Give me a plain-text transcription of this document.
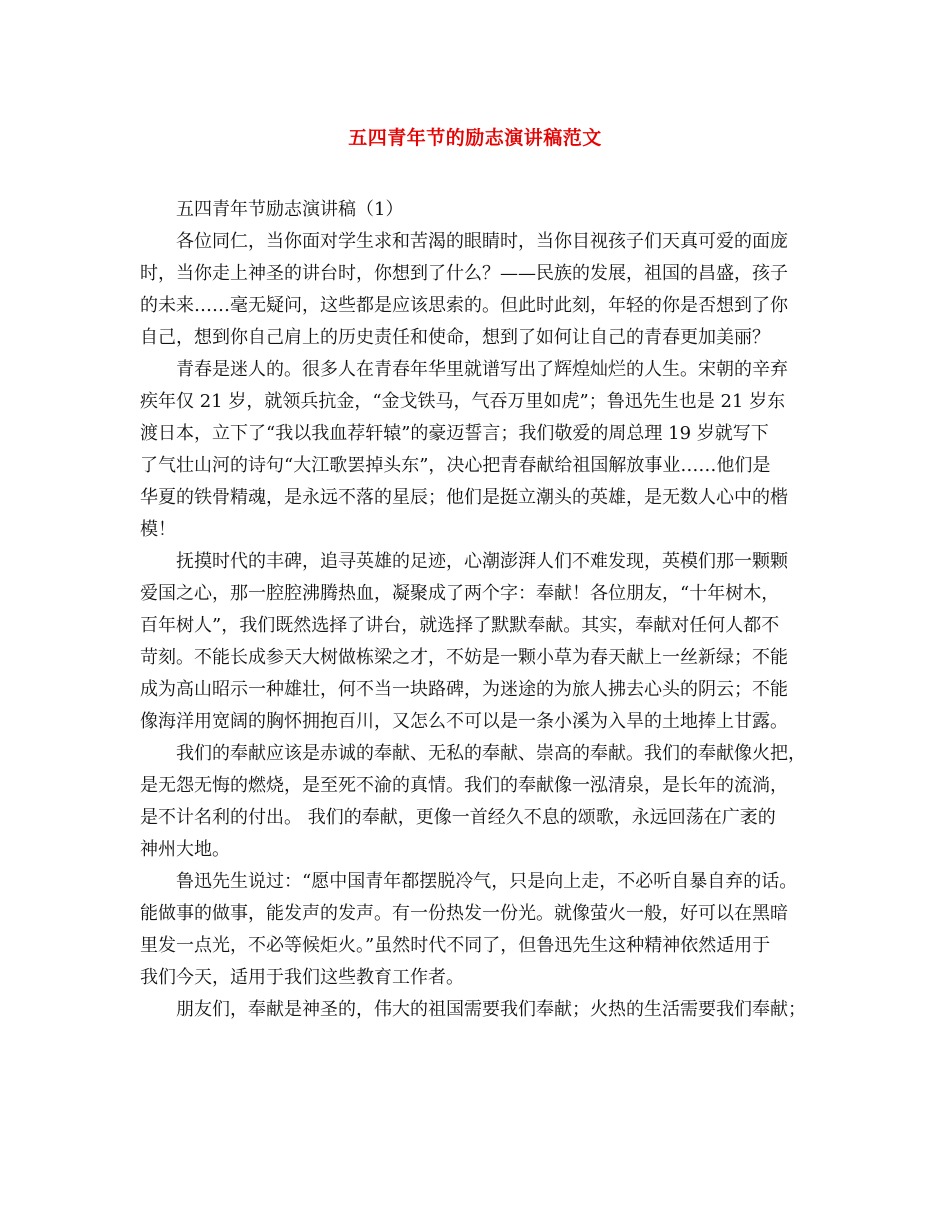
五四青年节的励志演讲稿范文
五四青年节励志演讲稿（1）
各位同仁，当你面对学生求和苦渴的眼睛时，当你目视孩子们天真可爱的面庞
时，当你走上神圣的讲台时，你想到了什么？——民族的发展，祖国的昌盛，孩子
的未来……毫无疑问，这些都是应该思索的。但此时此刻，年轻的你是否想到了你
自己，想到你自己肩上的历史责任和使命，想到了如何让自己的青春更加美丽？
青春是迷人的。很多人在青春年华里就谱写出了辉煌灿烂的人生。宋朝的辛弃
疾年仅 21 岁，就领兵抗金，“金戈铁马，气吞万里如虎”；鲁迅先生也是 21 岁东
渡日本，立下了“我以我血荐轩辕”的豪迈誓言；我们敬爱的周总理 19 岁就写下
了气壮山河的诗句“大江歌罢掉头东”，决心把青春献给祖国解放事业……他们是
华夏的铁骨精魂，是永远不落的星辰；他们是挺立潮头的英雄，是无数人心中的楷
模！
抚摸时代的丰碑，追寻英雄的足迹，心潮澎湃人们不难发现，英模们那一颗颗
爱国之心，那一腔腔沸腾热血，凝聚成了两个字：奉献！各位朋友，“十年树木，
百年树人”，我们既然选择了讲台，就选择了默默奉献。其实，奉献对任何人都不
苛刻。不能长成参天大树做栋梁之才，不妨是一颗小草为春天献上一丝新绿；不能
成为高山昭示一种雄壮，何不当一块路碑，为迷途的为旅人拂去心头的阴云；不能
像海洋用宽阔的胸怀拥抱百川，又怎么不可以是一条小溪为入旱的土地捧上甘露。
我们的奉献应该是赤诚的奉献、无私的奉献、崇高的奉献。我们的奉献像火把，
是无怨无悔的燃烧，是至死不渝的真情。我们的奉献像一泓清泉，是长年的流淌，
是不计名利的付出。 我们的奉献，更像一首经久不息的颂歌，永远回荡在广袤的
神州大地。
鲁迅先生说过：“愿中国青年都摆脱冷气，只是向上走，不必听自暴自弃的话。
能做事的做事，能发声的发声。有一份热发一份光。就像萤火一般，好可以在黑暗
里发一点光，不必等候炬火。”虽然时代不同了，但鲁迅先生这种精神依然适用于
我们今天，适用于我们这些教育工作者。
朋友们，奉献是神圣的，伟大的祖国需要我们奉献；火热的生活需要我们奉献；
